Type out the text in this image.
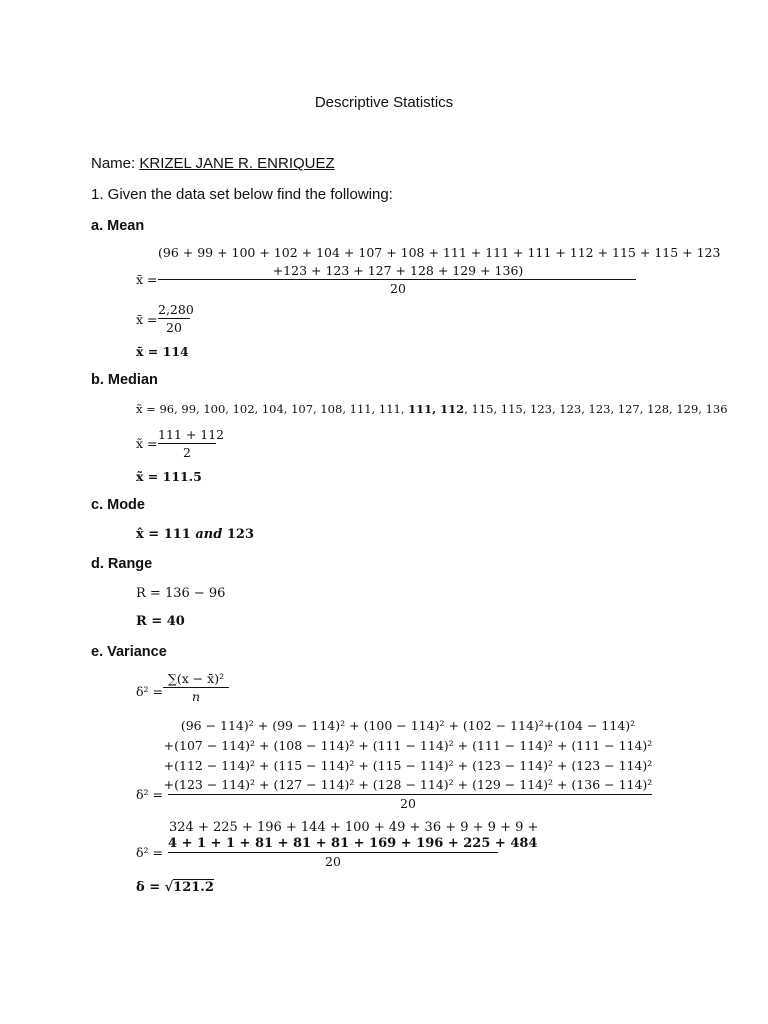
Descriptive Statistics
Name: KRIZEL JANE R. ENRIQUEZ
1. Given the data set below find the following:
a. Mean
x̄ =
(96 + 99 + 100 + 102 + 104 + 107 + 108 + 111 + 111 + 111 + 112 + 115 + 115 + 123
+123 + 123 + 127 + 128 + 129 + 136)
20
x̄ =
2,280
20
x̄ = 114
b. Median
x̃ = 96, 99, 100, 102, 104, 107, 108, 111, 111, 111, 112, 115, 115, 123, 123, 123, 127, 128, 129, 136
x̃ =
111 + 112
2
x̃ = 111.5
c. Mode
x̂ = 111 and 123
d. Range
R = 136 − 96
R = 40
e. Variance
δ² =
∑(x − x̄)²
n
(96 − 114)² + (99 − 114)² + (100 − 114)² + (102 − 114)²+(104 − 114)²
+(107 − 114)² + (108 − 114)² + (111 − 114)² + (111 − 114)² + (111 − 114)²
+(112 − 114)² + (115 − 114)² + (115 − 114)² + (123 − 114)² + (123 − 114)²
δ² =
+(123 − 114)² + (127 − 114)² + (128 − 114)² + (129 − 114)² + (136 − 114)²
20
324 + 225 + 196 + 144 + 100 + 49 + 36 + 9 + 9 + 9 +
δ² =
4 + 1 + 1 + 81 + 81 + 81 + 169 + 196 + 225 + 484
20
δ = √121.2
